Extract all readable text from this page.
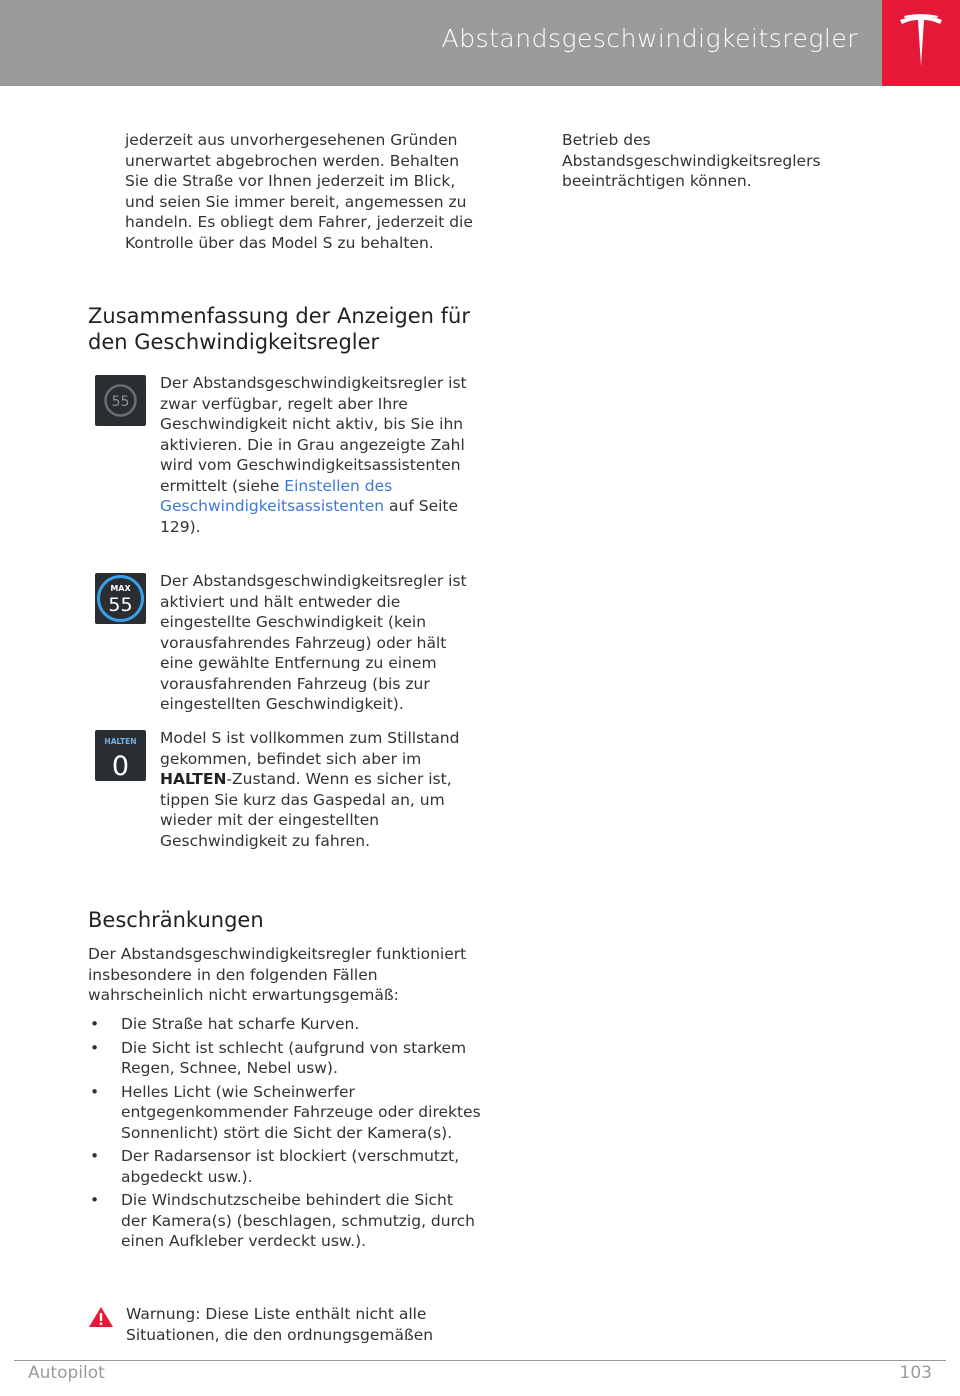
Abstandsgeschwindigkeitsregler
jederzeit aus unvorhergesehenen Gründen unerwartet abgebrochen werden. Behalten Sie die Straße vor Ihnen jederzeit im Blick, und seien Sie immer bereit, angemessen zu handeln. Es obliegt dem Fahrer, jederzeit die Kontrolle über das Model S zu behalten.
Zusammenfassung der Anzeigen für den Geschwindigkeitsregler
55
Der Abstandsgeschwindigkeitsregler ist zwar verfügbar, regelt aber Ihre Geschwindigkeit nicht aktiv, bis Sie ihn aktivieren. Die in Grau angezeigte Zahl wird vom Geschwindigkeitsassistenten ermittelt (siehe Einstellen des Geschwindigkeitsassistenten auf Seite 129).
MAX
55
Der Abstandsgeschwindigkeitsregler ist aktiviert und hält entweder die eingestellte Geschwindigkeit (kein vorausfahrendes Fahrzeug) oder hält eine gewählte Entfernung zu einem vorausfahrenden Fahrzeug (bis zur eingestellten Geschwindigkeit).
HALTEN
0
Model S ist vollkommen zum Stillstand gekommen, befindet sich aber im HALTEN-Zustand. Wenn es sicher ist, tippen Sie kurz das Gaspedal an, um wieder mit der eingestellten Geschwindigkeit zu fahren.
Beschränkungen
Der Abstandsgeschwindigkeitsregler funktioniert insbesondere in den folgenden Fällen wahrscheinlich nicht erwartungsgemäß:
• Die Straße hat scharfe Kurven.
• Die Sicht ist schlecht (aufgrund von starkem Regen, Schnee, Nebel usw).
• Helles Licht (wie Scheinwerfer entgegenkommender Fahrzeuge oder direktes Sonnenlicht) stört die Sicht der Kamera(s).
• Der Radarsensor ist blockiert (verschmutzt, abgedeckt usw.).
• Die Windschutzscheibe behindert die Sicht der Kamera(s) (beschlagen, schmutzig, durch einen Aufkleber verdeckt usw.).
Warnung: Diese Liste enthält nicht alle Situationen, die den ordnungsgemäßen
Betrieb des Abstandsgeschwindigkeitsreglers beeinträchtigen können.
Autopilot	103
